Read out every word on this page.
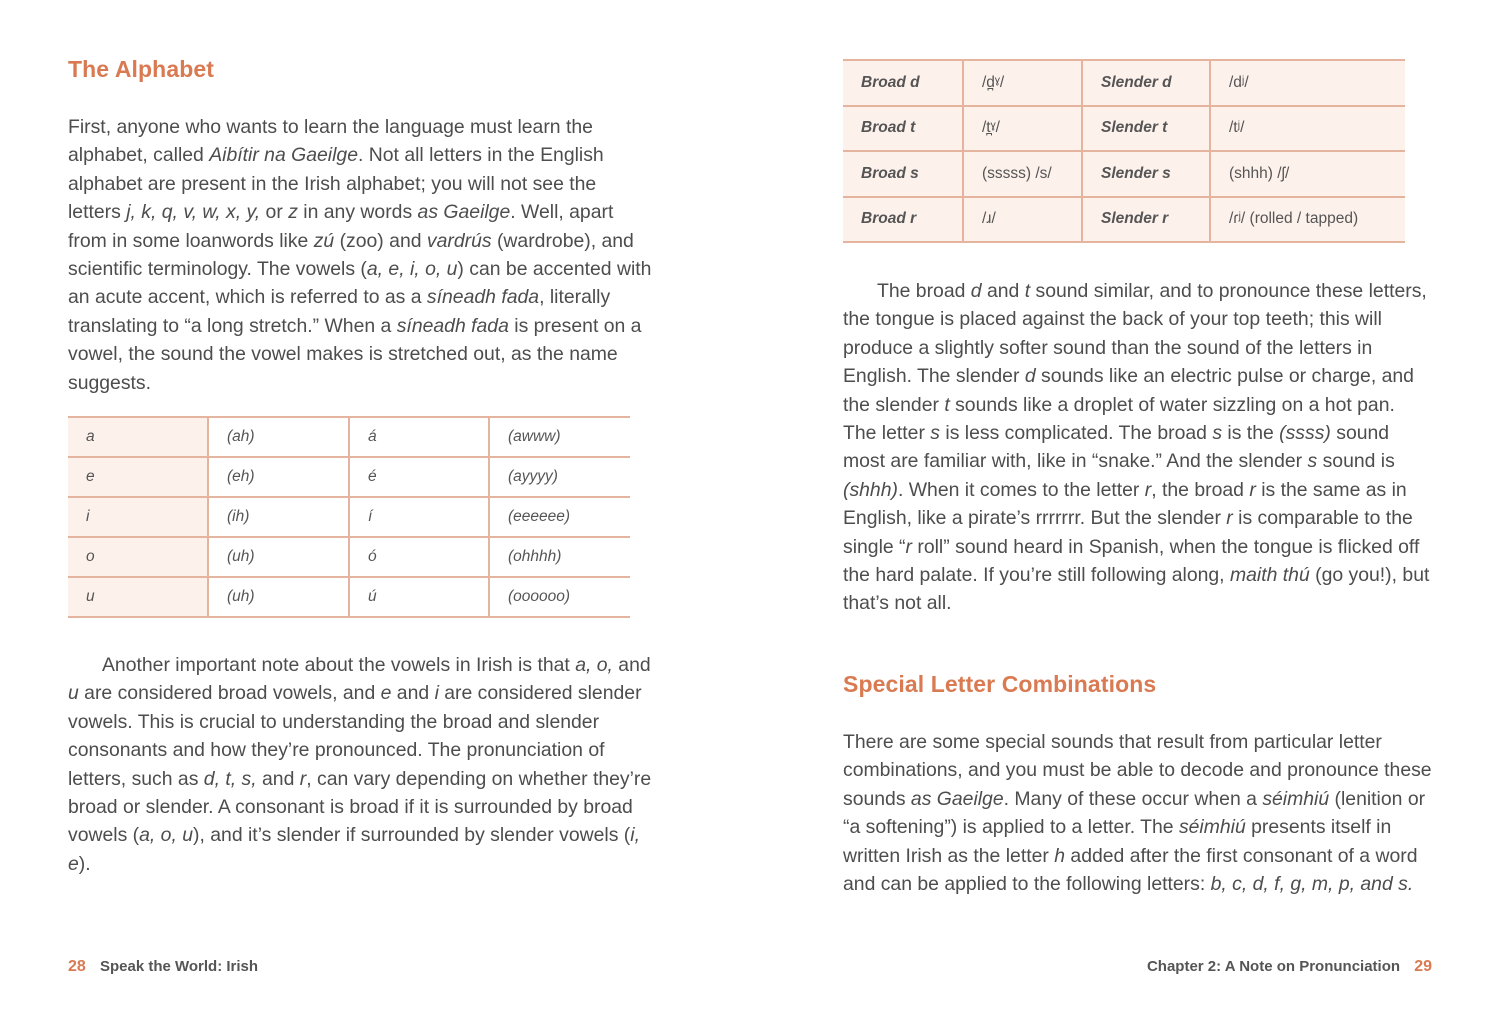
The Alphabet

First, anyone who wants to learn the language must learn the alphabet, called Aibítir na Gaeilge. Not all letters in the English alphabet are present in the Irish alphabet; you will not see the letters j, k, q, v, w, x, y, or z in any words as Gaeilge. Well, apart from in some loanwords like zú (zoo) and vardrús (wardrobe), and scientific terminology. The vowels (a, e, i, o, u) can be accented with an acute accent, which is referred to as a síneadh fada, literally translating to “a long stretch.” When a síneadh fada is present on a vowel, the sound the vowel makes is stretched out, as the name suggests.

a	(ah)	á	(awww)
e	(eh)	é	(ayyyy)
i	(ih)	í	(eeeeee)
o	(uh)	ó	(ohhhh)
u	(uh)	ú	(oooooo)

Another important note about the vowels in Irish is that a, o, and u are considered broad vowels, and e and i are considered slender vowels. This is crucial to understanding the broad and slender consonants and how they’re pronounced. The pronunciation of letters, such as d, t, s, and r, can vary depending on whether they’re broad or slender. A consonant is broad if it is surrounded by broad vowels (a, o, u), and it’s slender if surrounded by slender vowels (i, e).

28 Speak the World: Irish
Broad d	/d̪ˠ/	Slender d	/dʲ/
Broad t	/t̪ˠ/	Slender t	/tʲ/
Broad s	(sssss) /s/	Slender s	(shhh) /ʃ/
Broad r	/ɹ/	Slender r	/ɾʲ/ (rolled / tapped)

The broad d and t sound similar, and to pronounce these letters, the tongue is placed against the back of your top teeth; this will produce a slightly softer sound than the sound of the letters in English. The slender d sounds like an electric pulse or charge, and the slender t sounds like a droplet of water sizzling on a hot pan. The letter s is less complicated. The broad s is the (ssss) sound most are familiar with, like in “snake.” And the slender s sound is (shhh). When it comes to the letter r, the broad r is the same as in English, like a pirate’s rrrrrrr. But the slender r is comparable to the single “r roll” sound heard in Spanish, when the tongue is flicked off the hard palate. If you’re still following along, maith thú (go you!), but that’s not all.

Special Letter Combinations

There are some special sounds that result from particular letter combinations, and you must be able to decode and pronounce these sounds as Gaeilge. Many of these occur when a séimhiú (lenition or “a softening”) is applied to a letter. The séimhiú presents itself in written Irish as the letter h added after the first consonant of a word and can be applied to the following letters: b, c, d, f, g, m, p, and s.

Chapter 2: A Note on Pronunciation 29
